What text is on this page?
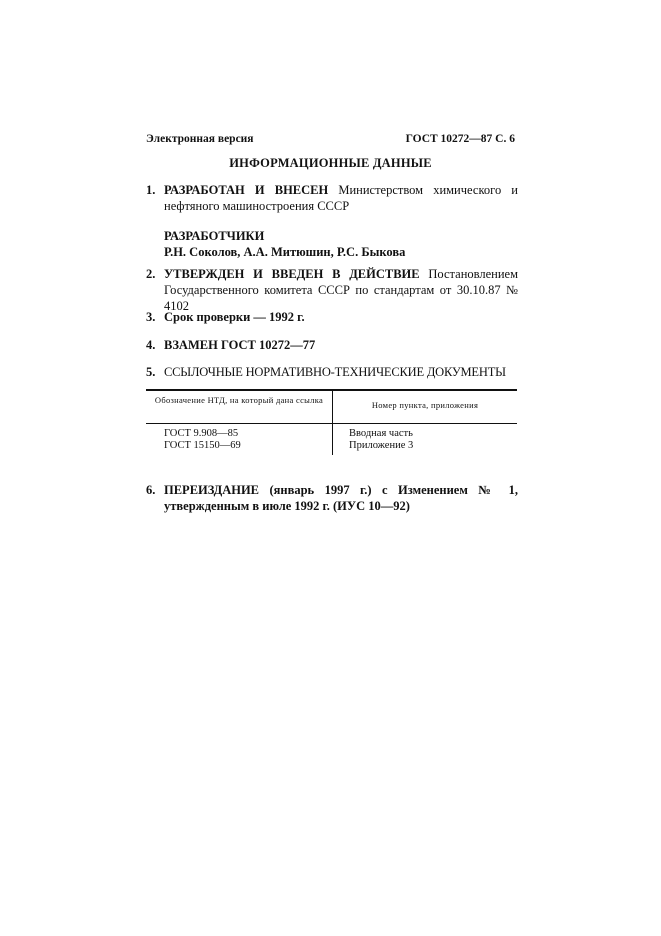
Электронная версия	ГОСТ 10272—87 С. 6
ИНФОРМАЦИОННЫЕ ДАННЫЕ
1. РАЗРАБОТАН И ВНЕСЕН Министерством химического и нефтяного машиностроения СССР
РАЗРАБОТЧИКИ
Р.Н. Соколов, А.А. Митюшин, Р.С. Быкова
2. УТВЕРЖДЕН И ВВЕДЕН В ДЕЙСТВИЕ Постановлением Государственного комитета СССР по стандартам от 30.10.87 № 4102
3. Срок проверки — 1992 г.
4. ВЗАМЕН ГОСТ 10272—77
5. ССЫЛОЧНЫЕ НОРМАТИВНО-ТЕХНИЧЕСКИЕ ДОКУМЕНТЫ
Обозначение НТД, на который дана ссылка	Номер пункта, приложения
ГОСТ 9.908—85
ГОСТ 15150—69
Вводная часть
Приложение 3
6. ПЕРЕИЗДАНИЕ (январь 1997 г.) с Изменением № 1, утвержденным в июле 1992 г. (ИУС 10—92)
